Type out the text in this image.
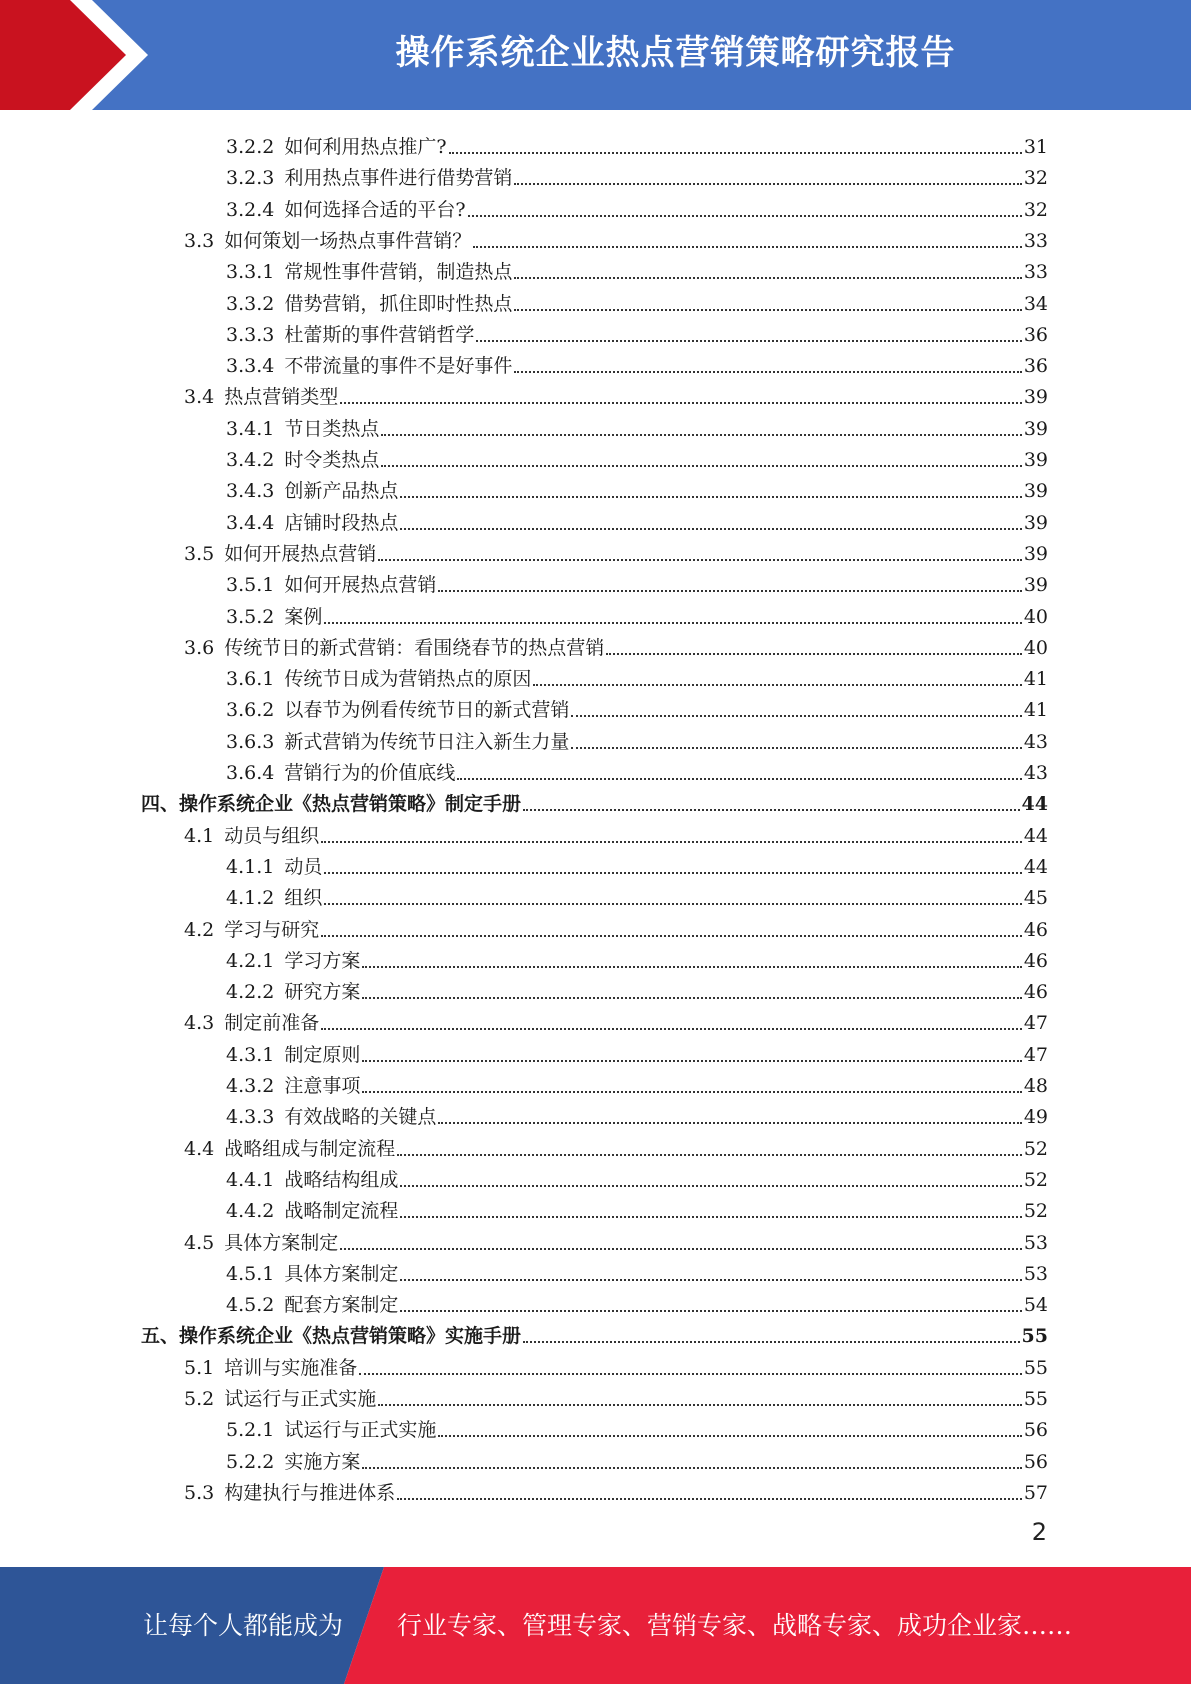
操作系统企业热点营销策略研究报告
3.2.2 如何利用热点推广?	31
3.2.3 利用热点事件进行借势营销	32
3.2.4 如何选择合适的平台?	32
3.3 如何策划一场热点事件营销？	33
3.3.1 常规性事件营销，制造热点	33
3.3.2 借势营销，抓住即时性热点	34
3.3.3 杜蕾斯的事件营销哲学	36
3.3.4 不带流量的事件不是好事件	36
3.4 热点营销类型	39
3.4.1 节日类热点	39
3.4.2 时令类热点	39
3.4.3 创新产品热点	39
3.4.4 店铺时段热点	39
3.5 如何开展热点营销	39
3.5.1 如何开展热点营销	39
3.5.2 案例	40
3.6 传统节日的新式营销：看围绕春节的热点营销	40
3.6.1 传统节日成为营销热点的原因	41
3.6.2 以春节为例看传统节日的新式营销	41
3.6.3 新式营销为传统节日注入新生力量	43
3.6.4 营销行为的价值底线	43
四、操作系统企业《热点营销策略》制定手册	44
4.1 动员与组织	44
4.1.1 动员	44
4.1.2 组织	45
4.2 学习与研究	46
4.2.1 学习方案	46
4.2.2 研究方案	46
4.3 制定前准备	47
4.3.1 制定原则	47
4.3.2 注意事项	48
4.3.3 有效战略的关键点	49
4.4 战略组成与制定流程	52
4.4.1 战略结构组成	52
4.4.2 战略制定流程	52
4.5 具体方案制定	53
4.5.1 具体方案制定	53
4.5.2 配套方案制定	54
五、操作系统企业《热点营销策略》实施手册	55
5.1 培训与实施准备	55
5.2 试运行与正式实施	55
5.2.1 试运行与正式实施	56
5.2.2 实施方案	56
5.3 构建执行与推进体系	57
2
让每个人都能成为 行业专家、管理专家、营销专家、战略专家、成功企业家……
